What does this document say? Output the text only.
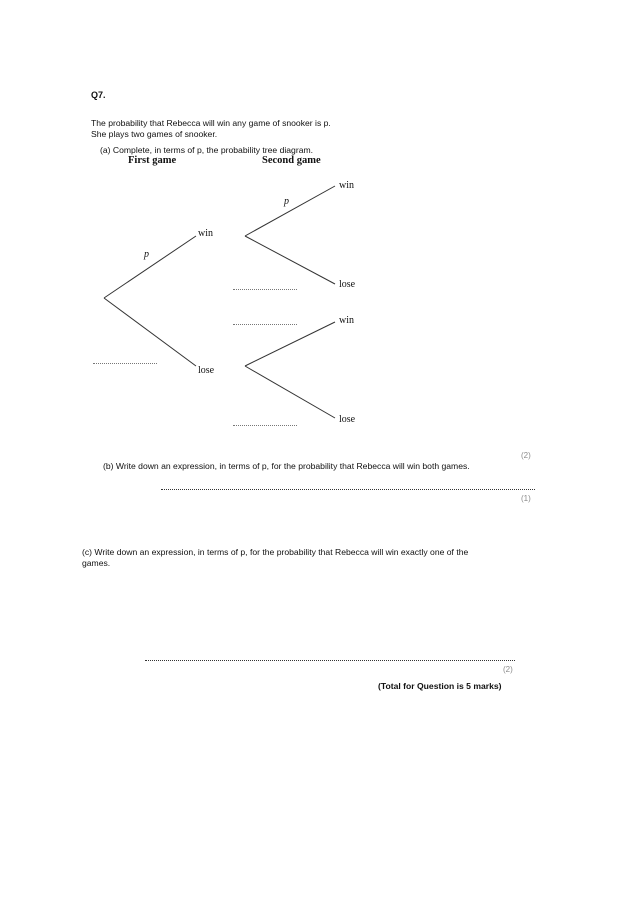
Q7.
The probability that Rebecca will win any game of snooker is p.
She plays two games of snooker.
(a) Complete, in terms of p, the probability tree diagram.
First game	Second game
p
win
lose
p
win
lose
win
lose
(2)
(b) Write down an expression, in terms of p, for the probability that Rebecca will win both games.
(1)
(c) Write down an expression, in terms of p, for the probability that Rebecca will win exactly one of the
games.
(2)
(Total for Question is 5 marks)
